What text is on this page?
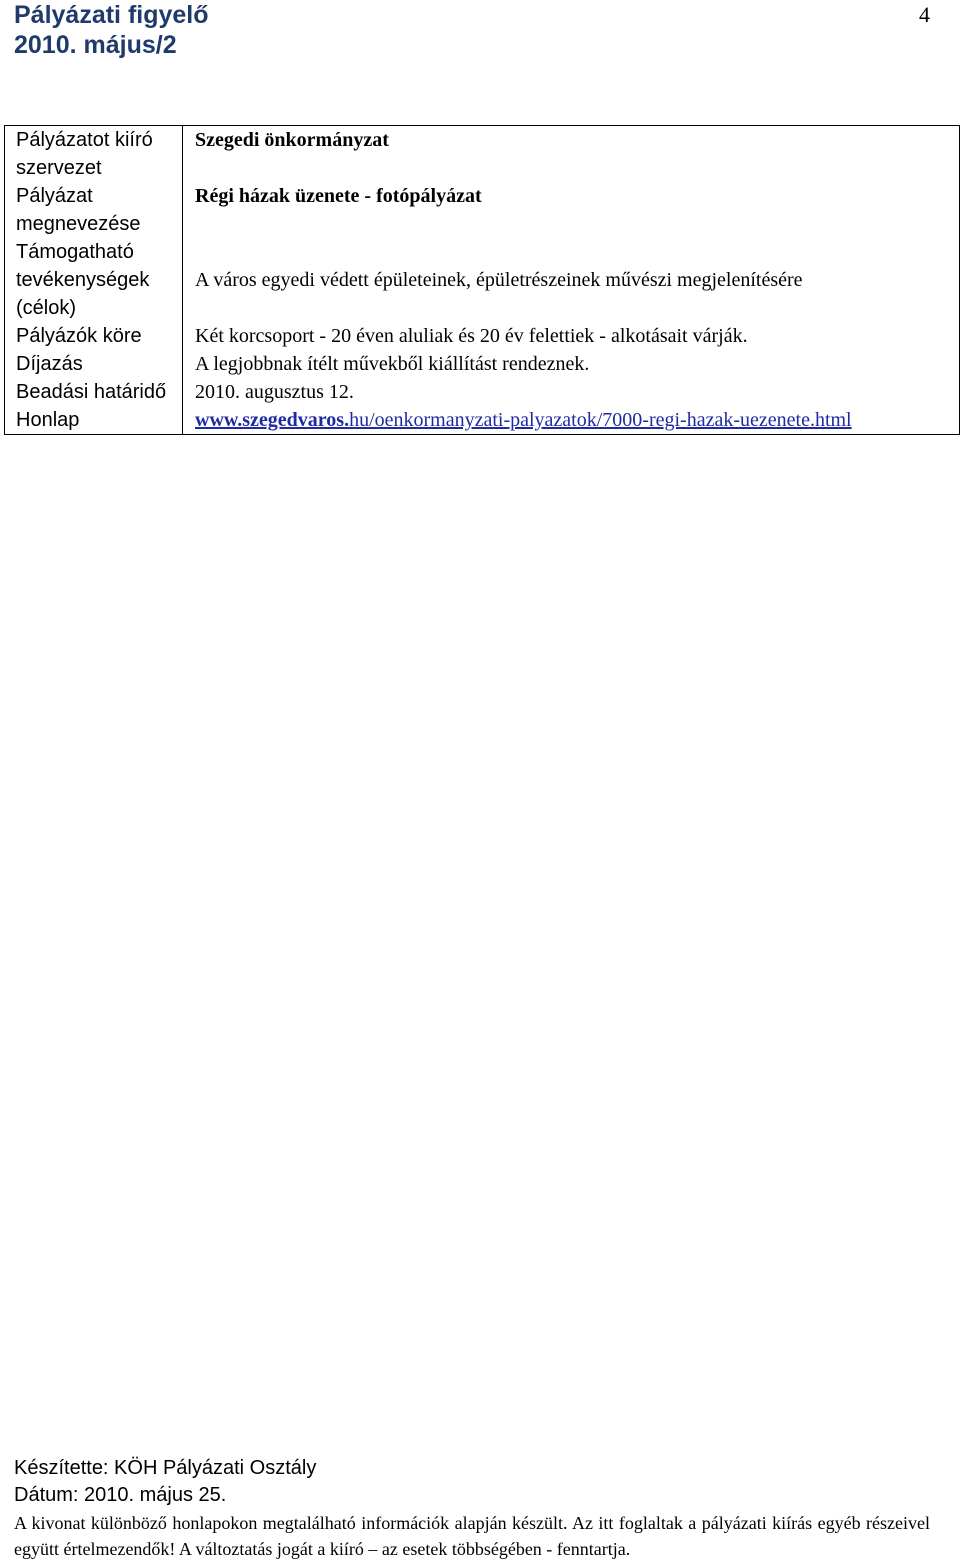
Pályázati figyelő
2010. május/2
4
Pályázatot kiíró szervezet	Szegedi önkormányzat
Pályázat megnevezése	Régi házak üzenete - fotópályázat
Támogatható tevékenységek (célok)	A város egyedi védett épületeinek, épületrészeinek művészi megjelenítésére
Pályázók köre	Két korcsoport - 20 éven aluliak és 20 év felettiek - alkotásait várják.
Díjazás	A legjobbnak ítélt művekből kiállítást rendeznek.
Beadási határidő	2010. augusztus 12.
Honlap	www.szegedvaros.hu/oenkormanyzati-palyazatok/7000-regi-hazak-uezenete.html
Készítette: KÖH Pályázati Osztály
Dátum: 2010. május 25.
A kivonat különböző honlapokon megtalálható információk alapján készült. Az itt foglaltak a pályázati kiírás egyéb részeivel együtt értelmezendők! A változtatás jogát a kiíró – az esetek többségében - fenntartja.
